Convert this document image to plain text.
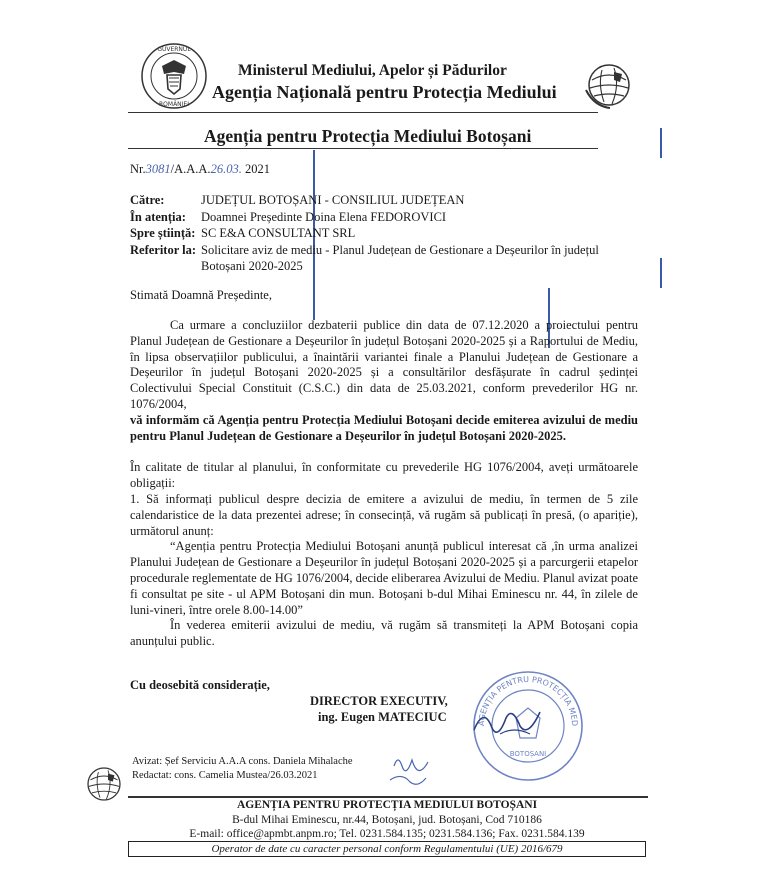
GUVERNUL
ROMÂNIEI
Ministerul Mediului, Apelor și Pădurilor
Agenția Națională pentru Protecția Mediului
Agenția pentru Protecția Mediului Botoșani
Nr.3081/A.A.A.26.03. 2021
Către:	JUDEȚUL BOTOȘANI - CONSILIUL JUDEȚEAN
În atenția:	Doamnei Președinte Doina Elena FEDOROVICI
Spre știință: SC E&A CONSULTANT SRL
Referitor la: Solicitare aviz de mediu - Planul Județean de Gestionare a Deșeurilor în județul Botoșani 2020-2025
Stimată Doamnă Președinte,

Ca urmare a concluziilor dezbaterii publice din data de 07.12.2020 a proiectului pentru Planul Județean de Gestionare a Deșeurilor în județul Botoșani 2020-2025 și a Raportului de Mediu, în lipsa observațiilor publicului, a înaintării variantei finale a Planului Județean de Gestionare a Deșeurilor în județul Botoșani 2020-2025 și a consultărilor desfășurate în cadrul ședinței Colectivului Special Constituit (C.S.C.) din data de 25.03.2021, conform prevederilor HG nr. 1076/2004,

vă informăm că Agenția pentru Protecția Mediului Botoșani decide emiterea avizului de mediu pentru Planul Județean de Gestionare a Deșeurilor în județul Botoșani 2020-2025.

În calitate de titular al planului, în conformitate cu prevederile HG 1076/2004, aveți următoarele obligații:

1. Să informați publicul despre decizia de emitere a avizului de mediu, în termen de 5 zile calendaristice de la data prezentei adrese; în consecință, vă rugăm să publicați în presă, (o apariție), următorul anunț:

“Agenția pentru Protecția Mediului Botoșani anunță publicul interesat că ,în urma analizei Planului Județean de Gestionare a Deșeurilor în județul Botoșani 2020-2025 și a parcurgerii etapelor procedurale reglementate de HG 1076/2004, decide eliberarea Avizului de Mediu. Planul avizat poate fi consultat pe site - ul APM Botoșani din mun. Botoșani b-dul Mihai Eminescu nr. 44, în zilele de luni-vineri, între orele 8.00-14.00”

În vederea emiterii avizului de mediu, vă rugăm să transmiteți la APM Botoșani copia anunțului public.

Cu deosebită considerație,
DIRECTOR EXECUTIV,
ing. Eugen MATECIUC	AGENȚIA PENTRU PROTECȚIA MED
BOTOȘANI
Avizat: Șef Serviciu A.A.A cons. Daniela Mihalache
Redactat: cons. Camelia Mustea/26.03.2021
AGENȚIA PENTRU PROTECȚIA MEDIULUI BOTOȘANI
B-dul Mihai Eminescu, nr.44, Botoșani, jud. Botoșani, Cod 710186
E-mail: office@apmbt.anpm.ro; Tel. 0231.584.135; 0231.584.136; Fax. 0231.584.139
Operator de date cu caracter personal conform Regulamentului (UE) 2016/679
